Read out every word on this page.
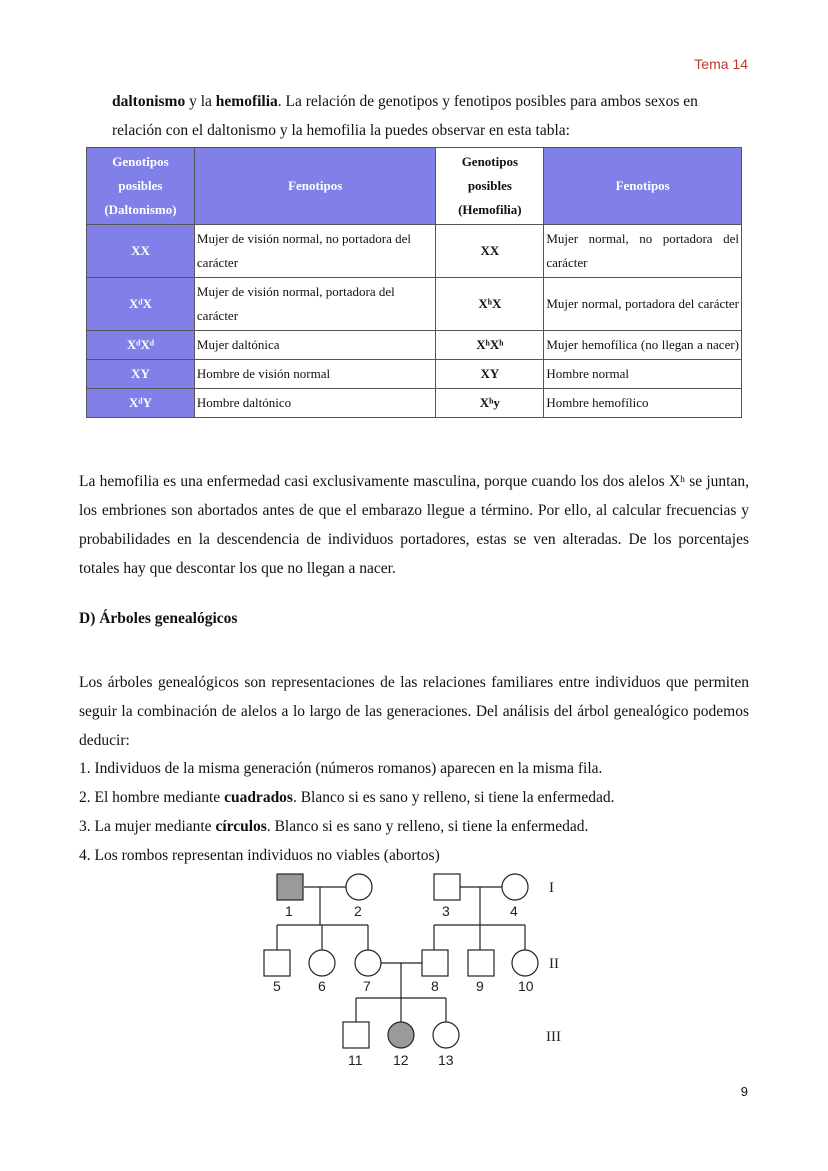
Tema 14
daltonismo y la hemofilia. La relación de genotipos y fenotipos posibles para ambos sexos en relación con el daltonismo y la hemofilia la puedes observar en esta tabla:
Genotipos posibles (Daltonismo)	Fenotipos	Genotipos posibles (Hemofilia)	Fenotipos
XX	Mujer de visión normal, no portadora del carácter	XX	Mujer normal, no portadora del carácter
XᵈX	Mujer de visión normal, portadora del carácter	XʰX	Mujer normal, portadora del carácter
XᵈXᵈ	Mujer daltónica	XʰXʰ	Mujer hemofílica (no llegan a nacer)
XY	Hombre de visión normal	XY	Hombre normal
XᵈY	Hombre daltónico	Xʰy	Hombre hemofílico
La hemofilia es una enfermedad casi exclusivamente masculina, porque cuando los dos alelos Xʰ se juntan, los embriones son abortados antes de que el embarazo llegue a término. Por ello, al calcular frecuencias y probabilidades en la descendencia de individuos portadores, estas se ven alteradas. De los porcentajes totales hay que descontar los que no llegan a nacer.
D) Árboles genealógicos
Los árboles genealógicos son representaciones de las relaciones familiares entre individuos que permiten seguir la combinación de alelos a lo largo de las generaciones. Del análisis del árbol genealógico podemos deducir:
1. Individuos de la misma generación (números romanos) aparecen en la misma fila.
2. El hombre mediante cuadrados. Blanco si es sano y relleno, si tiene la enfermedad.
3. La mujer mediante círculos. Blanco si es sano y relleno, si tiene la enfermedad.
4. Los rombos representan individuos no viables (abortos)
1	2	3	4
I
5	6	7	8	9 10
II
11 12 13
III
9
